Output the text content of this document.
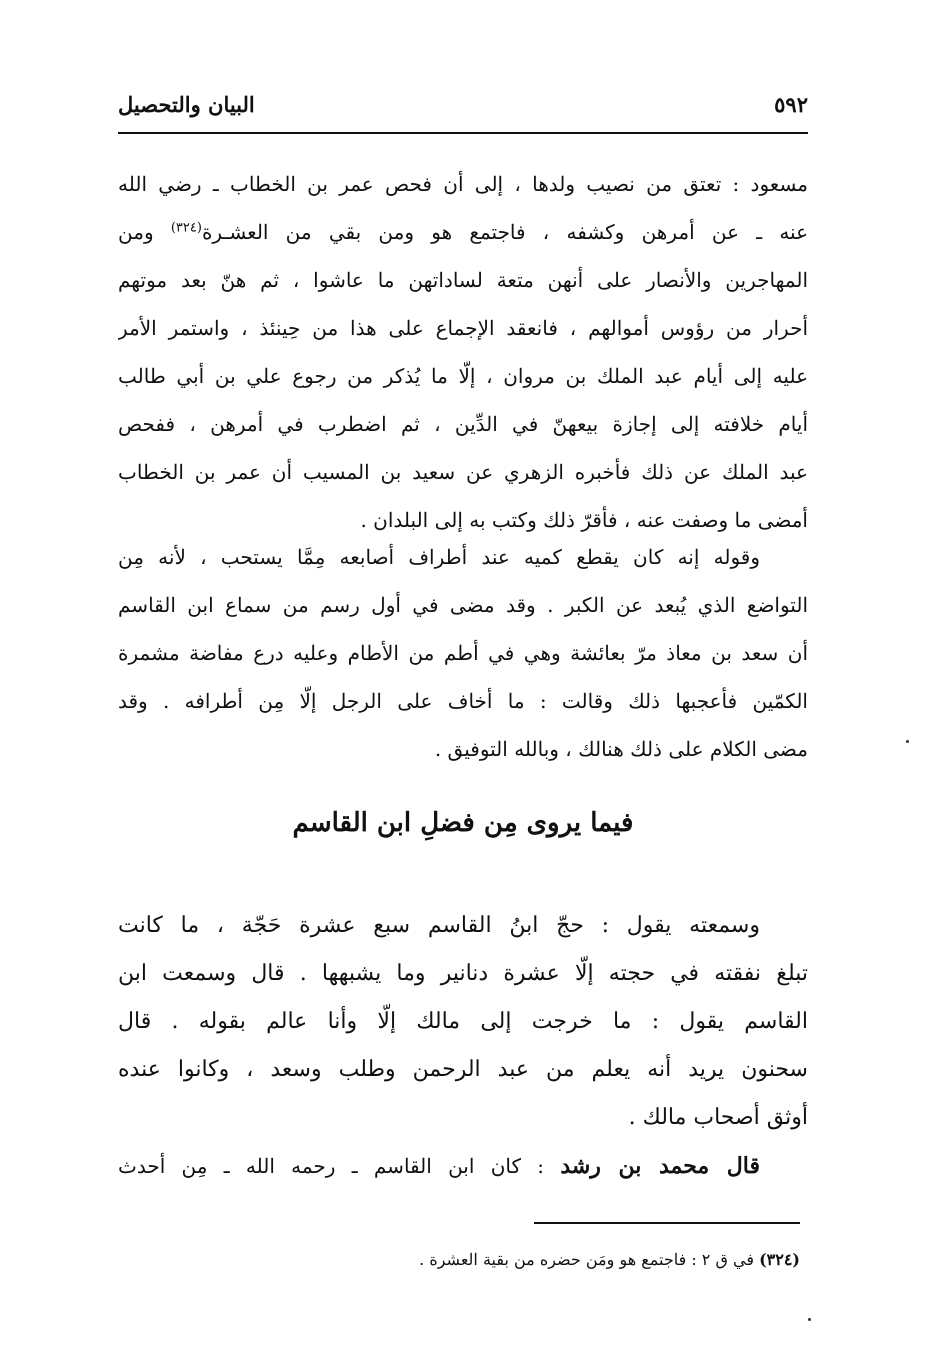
٥٩٢
البيان والتحصيل
مسعود : تعتق من نصيب ولدها ، إلى أن فحص عمر بن الخطاب ـ رضي الله
عنه ـ عن أمرهن وكشفه ، فاجتمع هو ومن بقي من العشـرة$^{(٣٢٤)}$ ومن
المهاجرين والأنصار على أنهن متعة لساداتهن ما عاشوا ، ثم هنّ بعد موتهم
أحرار من رؤوس أموالهم ، فانعقد الإجماع على هذا من حِينئذ ، واستمر الأمر
عليه إلى أيام عبد الملك بن مروان ، إلّا ما يُذكر من رجوع علي بن أبي طالب
أيام خلافته إلى إجازة بيعهنّ في الدِّين ، ثم اضطرب في أمرهن ، ففحص
عبد الملك عن ذلك فأخبره الزهري عن سعيد بن المسيب أن عمر بن الخطاب
أمضى ما وصفت عنه ، فأقرّ ذلك وكتب به إلى البلدان .
وقوله إنه كان يقطع كميه عند أطراف أصابعه مِمَّا يستحب ، لأنه مِن
التواضع الذي يُبعد عن الكبر . وقد مضى في أول رسم من سماع ابن القاسم
أن سعد بن معاذ مرّ بعائشة وهي في أطم من الأطام وعليه درع مفاضة مشمرة
الكمّين فأعجبها ذلك وقالت : ما أخاف على الرجل إلّا مِن أطرافه . وقد
مضى الكلام على ذلك هنالك ، وبالله التوفيق .
فيما يروى مِن فضلِ ابن القاسم
وسمعته يقول : حجّ ابنُ القاسم سبع عشرة حَجّة ، ما كانت
تبلغ نفقته في حجته إلّا عشرة دنانير وما يشبهها . قال وسمعت ابن
القاسم يقول : ما خرجت إلى مالك إلّا وأنا عالم بقوله . قال
سحنون يريد أنه يعلم من عبد الرحمن وطلب وسعد ، وكانوا عنده
أوثق أصحاب مالك .
قال محمد بن رشد : كان ابن القاسم ـ رحمه الله ـ مِن أحدث
(٣٢٤) في ق ٢ : فاجتمع هو ومَن حضره من بقية العشرة .
